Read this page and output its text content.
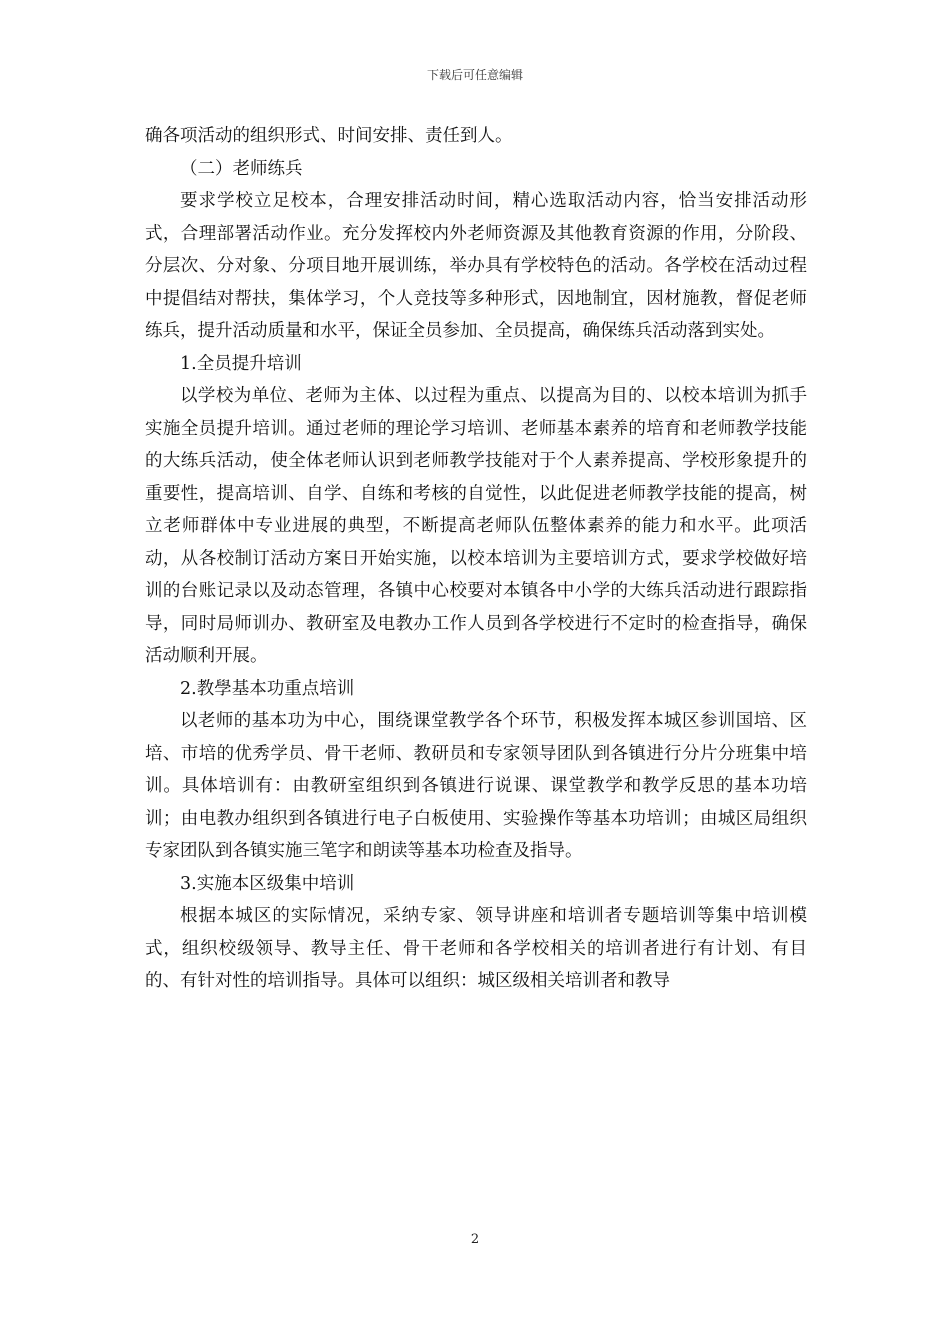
下载后可任意编辑

确各项活动的组织形式、时间安排、责任到人。

（二）老师练兵

要求学校立足校本，合理安排活动时间，精心选取活动内容，恰当安排活动形式，合理部署活动作业。充分发挥校内外老师资源及其他教育资源的作用，分阶段、分层次、分对象、分项目地开展训练，举办具有学校特色的活动。各学校在活动过程中提倡结对帮扶，集体学习，个人竞技等多种形式，因地制宜，因材施教，督促老师练兵，提升活动质量和水平，保证全员参加、全员提高，确保练兵活动落到实处。

1.全员提升培训

以学校为单位、老师为主体、以过程为重点、以提高为目的、以校本培训为抓手实施全员提升培训。通过老师的理论学习培训、老师基本素养的培育和老师教学技能的大练兵活动，使全体老师认识到老师教学技能对于个人素养提高、学校形象提升的重要性，提高培训、自学、自练和考核的自觉性，以此促进老师教学技能的提高，树立老师群体中专业进展的典型，不断提高老师队伍整体素养的能力和水平。此项活动，从各校制订活动方案日开始实施，以校本培训为主要培训方式，要求学校做好培训的台账记录以及动态管理，各镇中心校要对本镇各中小学的大练兵活动进行跟踪指导，同时局师训办、教研室及电教办工作人员到各学校进行不定时的检查指导，确保活动顺利开展。

2.教學基本功重点培训

以老师的基本功为中心，围绕课堂教学各个环节，积极发挥本城区参训国培、区培、市培的优秀学员、骨干老师、教研员和专家领导团队到各镇进行分片分班集中培训。具体培训有：由教研室组织到各镇进行说课、课堂教学和教学反思的基本功培训；由电教办组织到各镇进行电子白板使用、实验操作等基本功培训；由城区局组织专家团队到各镇实施三笔字和朗读等基本功检查及指导。

3.实施本区级集中培训

根据本城区的实际情况，采纳专家、领导讲座和培训者专题培训等集中培训模式，组织校级领导、教导主任、骨干老师和各学校相关的培训者进行有计划、有目的、有针对性的培训指导。具体可以组织：城区级相关培训者和教导

2
